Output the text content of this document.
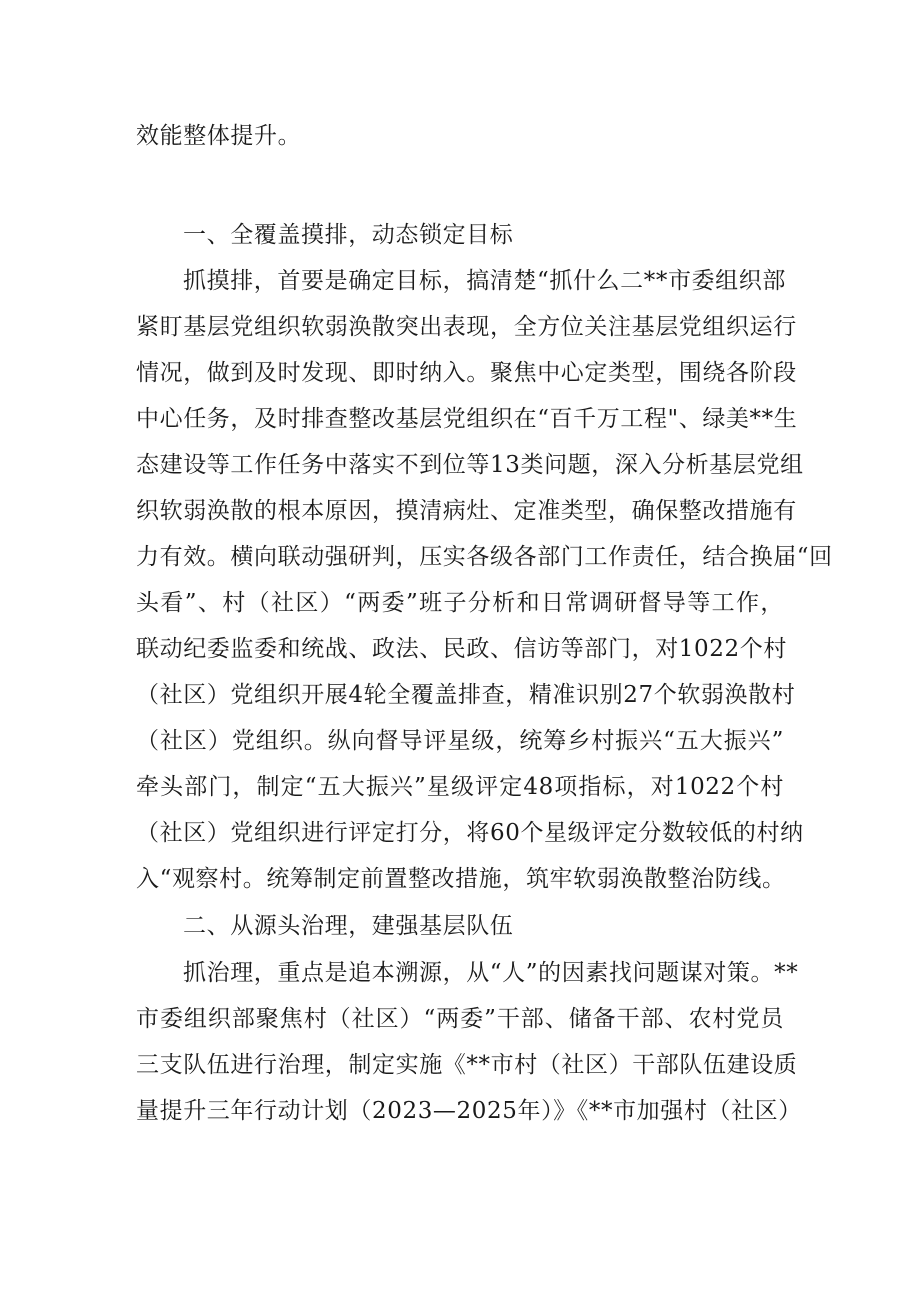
效能整体提升。
一、全覆盖摸排，动态锁定目标
抓摸排，首要是确定目标，搞清楚“抓什么二**市委组织部
紧盯基层党组织软弱涣散突出表现，全方位关注基层党组织运行
情况，做到及时发现、即时纳入。聚焦中心定类型，围绕各阶段
中心任务，及时排查整改基层党组织在“百千万工程"、绿美**生
态建设等工作任务中落实不到位等13类问题，深入分析基层党组
织软弱涣散的根本原因，摸清病灶、定准类型，确保整改措施有
力有效。横向联动强研判，压实各级各部门工作责任，结合换届“回
头看”、村（社区）“两委”班子分析和日常调研督导等工作，
联动纪委监委和统战、政法、民政、信访等部门，对1022个村
（社区）党组织开展4轮全覆盖排查，精准识别27个软弱涣散村
（社区）党组织。纵向督导评星级，统筹乡村振兴“五大振兴”
牵头部门，制定“五大振兴”星级评定48项指标，对1022个村
（社区）党组织进行评定打分，将60个星级评定分数较低的村纳
入“观察村。统筹制定前置整改措施，筑牢软弱涣散整治防线。
二、从源头治理，建强基层队伍
抓治理，重点是追本溯源，从“人”的因素找问题谋对策。**
市委组织部聚焦村（社区）“两委”干部、储备干部、农村党员
三支队伍进行治理，制定实施《**市村（社区）干部队伍建设质
量提升三年行动计划（2023—2025年）》《**市加强村（社区）
